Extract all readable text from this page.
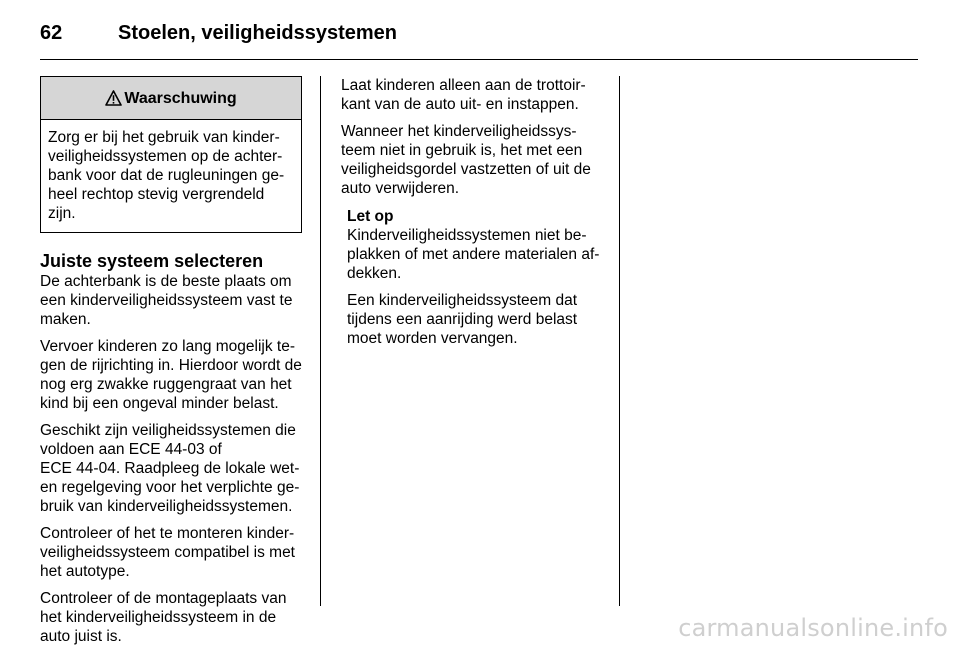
62	Stoelen, veiligheidssystemen
Waarschuwing
Zorg er bij het gebruik van kinder-
veiligheidssystemen op de achter-
bank voor dat de rugleuningen ge-
heel rechtop stevig vergrendeld
zijn.
Juiste systeem selecteren

De achterbank is de beste plaats om
een kinderveiligheidssysteem vast te
maken.

Vervoer kinderen zo lang mogelijk te-
gen de rijrichting in. Hierdoor wordt de
nog erg zwakke ruggengraat van het
kind bij een ongeval minder belast.

Geschikt zijn veiligheidssystemen die
voldoen aan ECE 44-03 of
ECE 44-04. Raadpleeg de lokale wet-
en regelgeving voor het verplichte ge-
bruik van kinderveiligheidssystemen.

Controleer of het te monteren kinder-
veiligheidssysteem compatibel is met
het autotype.

Controleer of de montageplaats van
het kinderveiligheidssysteem in de
auto juist is.

Laat kinderen alleen aan de trottoir-
kant van de auto uit- en instappen.

Wanneer het kinderveiligheidssys-
teem niet in gebruik is, het met een
veiligheidsgordel vastzetten of uit de
auto verwijderen.

Let op

Kinderveiligheidssystemen niet be-
plakken of met andere materialen af-
dekken.

Een kinderveiligheidssysteem dat
tijdens een aanrijding werd belast
moet worden vervangen.

carmanualsonline.info
